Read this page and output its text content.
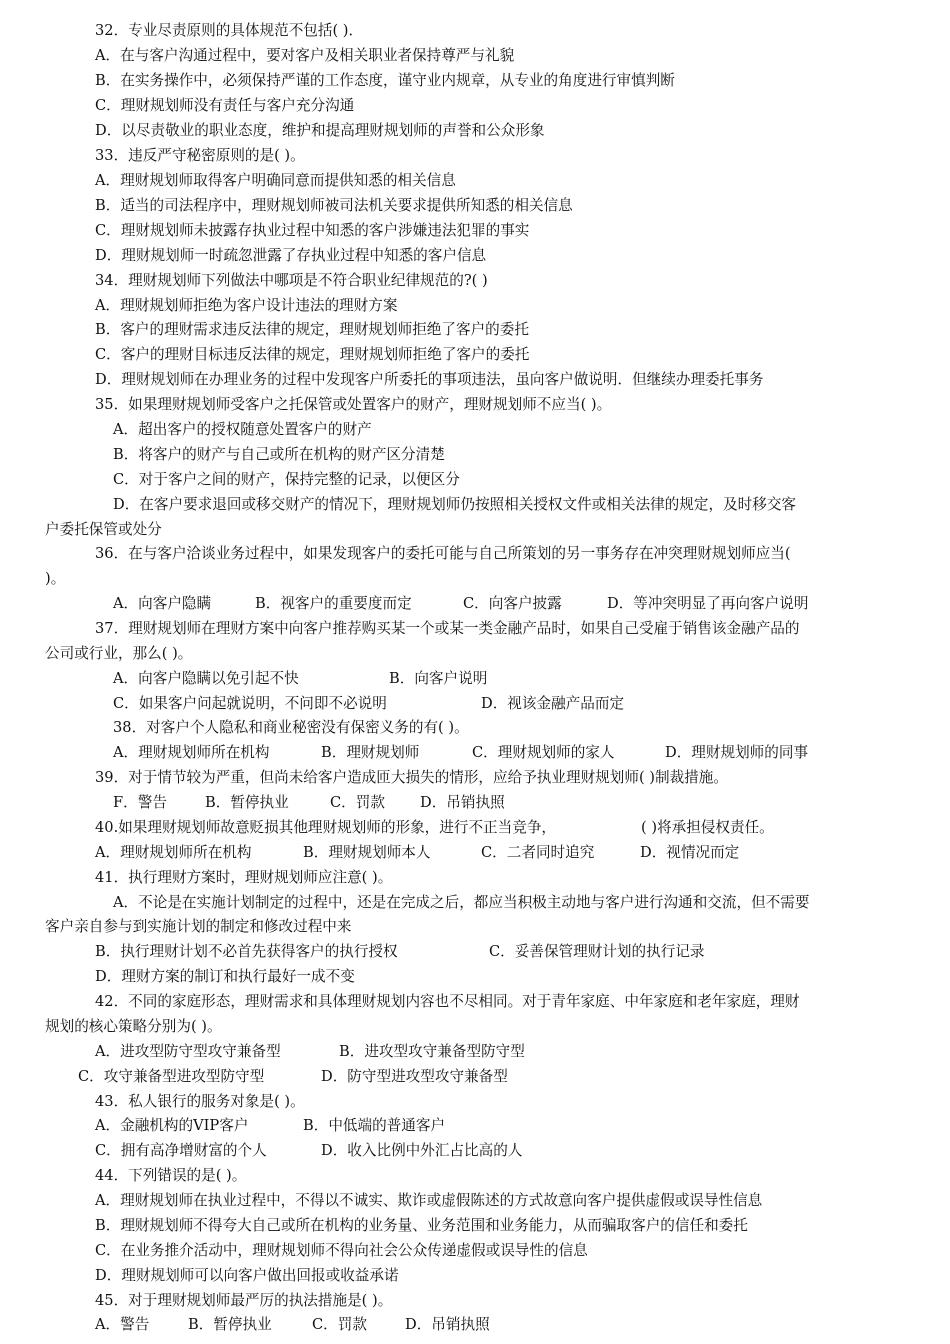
32．专业尽责原则的具体规范不包括( )．
A．在与客户沟通过程中，要对客户及相关职业者保持尊严与礼貌
B．在实务操作中，必须保持严谨的工作态度，谨守业内规章，从专业的角度进行审慎判断
C．理财规划师没有责任与客户充分沟通
D．以尽责敬业的职业态度，维护和提高理财规划师的声誉和公众形象
33．违反严守秘密原则的是( )。
A．理财规划师取得客户明确同意而提供知悉的相关信息
B．适当的司法程序中，理财规划师被司法机关要求提供所知悉的相关信息
C．理财规划师未披露存执业过程中知悉的客户涉嫌违法犯罪的事实
D．理财规划师一时疏忽泄露了存执业过程中知悉的客户信息
34．理财规划师下列做法中哪项是不符合职业纪律规范的?( )
A．理财规划师拒绝为客户设计违法的理财方案
B．客户的理财需求违反法律的规定，理财规划师拒绝了客户的委托
C．客户的理财目标违反法律的规定，理财规划师拒绝了客户的委托
D．理财规划师在办理业务的过程中发现客户所委托的事项违法，虽向客户做说明．但继续办理委托事务
35．如果理财规划师受客户之托保管或处置客户的财产，理财规划师不应当( )。
A．超出客户的授权随意处置客户的财产
B．将客户的财产与自己或所在机构的财产区分清楚
C．对于客户之间的财产，保持完整的记录，以便区分
D．在客户要求退回或移交财产的情况下，理财规划师仍按照相关授权文件或相关法律的规定，及时移交客
户委托保管或处分
36．在与客户洽谈业务过程中，如果发现客户的委托可能与自己所策划的另一事务存在冲突理财规划师应当(
)。
A．向客户隐瞒	B．视客户的重要度而定	C．向客户披露	D．等冲突明显了再向客户说明
37．理财规划师在理财方案中向客户推荐购买某一个或某一类金融产品时，如果自己受雇于销售该金融产品的
公司或行业，那么( )。
A．向客户隐瞒以免引起不快	B．向客户说明
C．如果客户问起就说明，不问即不必说明	D．视该金融产品而定
38．对客户个人隐私和商业秘密没有保密义务的有( )。
A．理财规划师所在机构	B．理财规划师	C．理财规划师的家人	D．理财规划师的同事
39．对于情节较为严重，但尚未给客户造成匝大损失的情形，应给予执业理财规划师( )制裁措施。
F．警告	B．暂停执业	C．罚款 D．吊销执照
40.如果理财规划师故意贬损其他理财规划师的形象，进行不正当竞争，	( )将承担侵权责任。
A．理财规划师所在机构	B．理财规划师本人	C．二者同时追究	D．视情况而定
41．执行理财方案时，理财规划师应注意( )。
A．不论是在实施计划制定的过程中，还是在完成之后，都应当积极主动地与客户进行沟通和交流，但不需要
客户亲自参与到实施计划的制定和修改过程中来
B．执行理财计划不必首先获得客户的执行授权	C．妥善保管理财计划的执行记录
D．理财方案的制订和执行最好一成不变
42．不同的家庭形态，理财需求和具体理财规划内容也不尽相同。对于青年家庭、中年家庭和老年家庭，理财
规划的核心策略分别为( )。
A．进攻型防守型攻守兼备型	B．进攻型攻守兼备型防守型
C．攻守兼备型进攻型防守型	D．防守型进攻型攻守兼备型
43．私人银行的服务对象是( )。
A．金融机构的VIP客户	B．中低端的普通客户
C．拥有高净增财富的个人	D．收入比例中外汇占比高的人
44．下列错误的是( )。
A．理财规划师在执业过程中，不得以不诚实、欺诈或虚假陈述的方式故意向客户提供虚假或误导性信息
B．理财规划师不得夸大自己或所在机构的业务量、业务范围和业务能力，从而骗取客户的信任和委托
C．在业务推介活动中，理财规划师不得向社会公众传递虚假或误导性的信息
D．理财规划师可以向客户做出回报或收益承诺
45．对于理财规划师最严厉的执法措施是( )。
A．警告	B．暂停执业	C．罚款	D．吊销执照
